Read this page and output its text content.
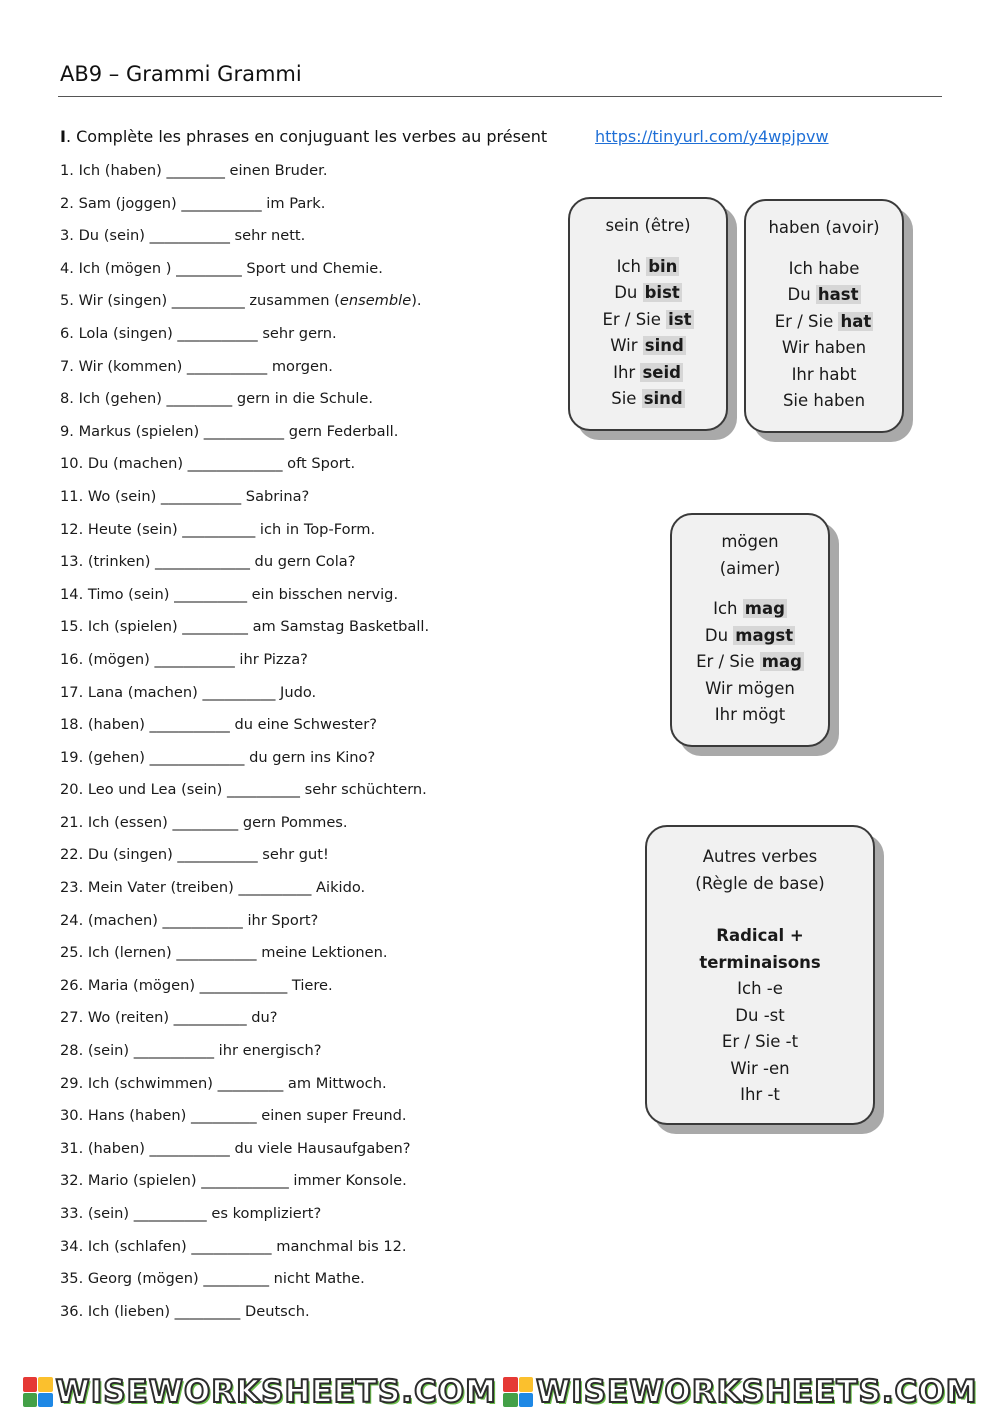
AB9 – Grammi Grammi
I. Complète les phrases en conjuguant les verbes au présent	https://tinyurl.com/y4wpjpvw
1. Ich (haben) ________ einen Bruder.
2. Sam (joggen) ___________ im Park.
3. Du (sein) ___________ sehr nett.
4. Ich (mögen ) _________ Sport und Chemie.
5. Wir (singen) __________ zusammen (ensemble).
6. Lola (singen) ___________ sehr gern.
7. Wir (kommen) ___________ morgen.
8. Ich (gehen) _________ gern in die Schule.
9. Markus (spielen) ___________ gern Federball.
10. Du (machen) _____________ oft Sport.
11. Wo (sein) ___________ Sabrina?
12. Heute (sein) __________ ich in Top-Form.
13. (trinken) _____________ du gern Cola?
14. Timo (sein) __________ ein bisschen nervig.
15. Ich (spielen) _________ am Samstag Basketball.
16. (mögen) ___________ ihr Pizza?
17. Lana (machen) __________ Judo.
18. (haben) ___________ du eine Schwester?
19. (gehen) _____________ du gern ins Kino?
20. Leo und Lea (sein) __________ sehr schüchtern.
21. Ich (essen) _________ gern Pommes.
22. Du (singen) ___________ sehr gut!
23. Mein Vater (treiben) __________ Aikido.
24. (machen) ___________ ihr Sport?
25. Ich (lernen) ___________ meine Lektionen.
26. Maria (mögen) ____________ Tiere.
27. Wo (reiten) __________ du?
28. (sein) ___________ ihr energisch?
29. Ich (schwimmen) _________ am Mittwoch.
30. Hans (haben) _________ einen super Freund.
31. (haben) ___________ du viele Hausaufgaben?
32. Mario (spielen) ____________ immer Konsole.
33. (sein) __________ es kompliziert?
34. Ich (schlafen) ___________ manchmal bis 12.
35. Georg (mögen) _________ nicht Mathe.
36. Ich (lieben) _________ Deutsch.
sein (être)
Ich bin
Du bist
Er / Sie ist
Wir sind
Ihr seid
Sie sind
haben (avoir)
Ich habe
Du hast
Er / Sie hat
Wir haben
Ihr habt
Sie haben
mögen
(aimer)
Ich mag
Du magst
Er / Sie mag
Wir mögen
Ihr mögt
Autres verbes
(Règle de base)
Radical +
terminaisons
Ich -e
Du -st
Er / Sie -t
Wir -en
Ihr -t
WISEWORKSHEETS.COM WISEWORKSHEETS.COM
